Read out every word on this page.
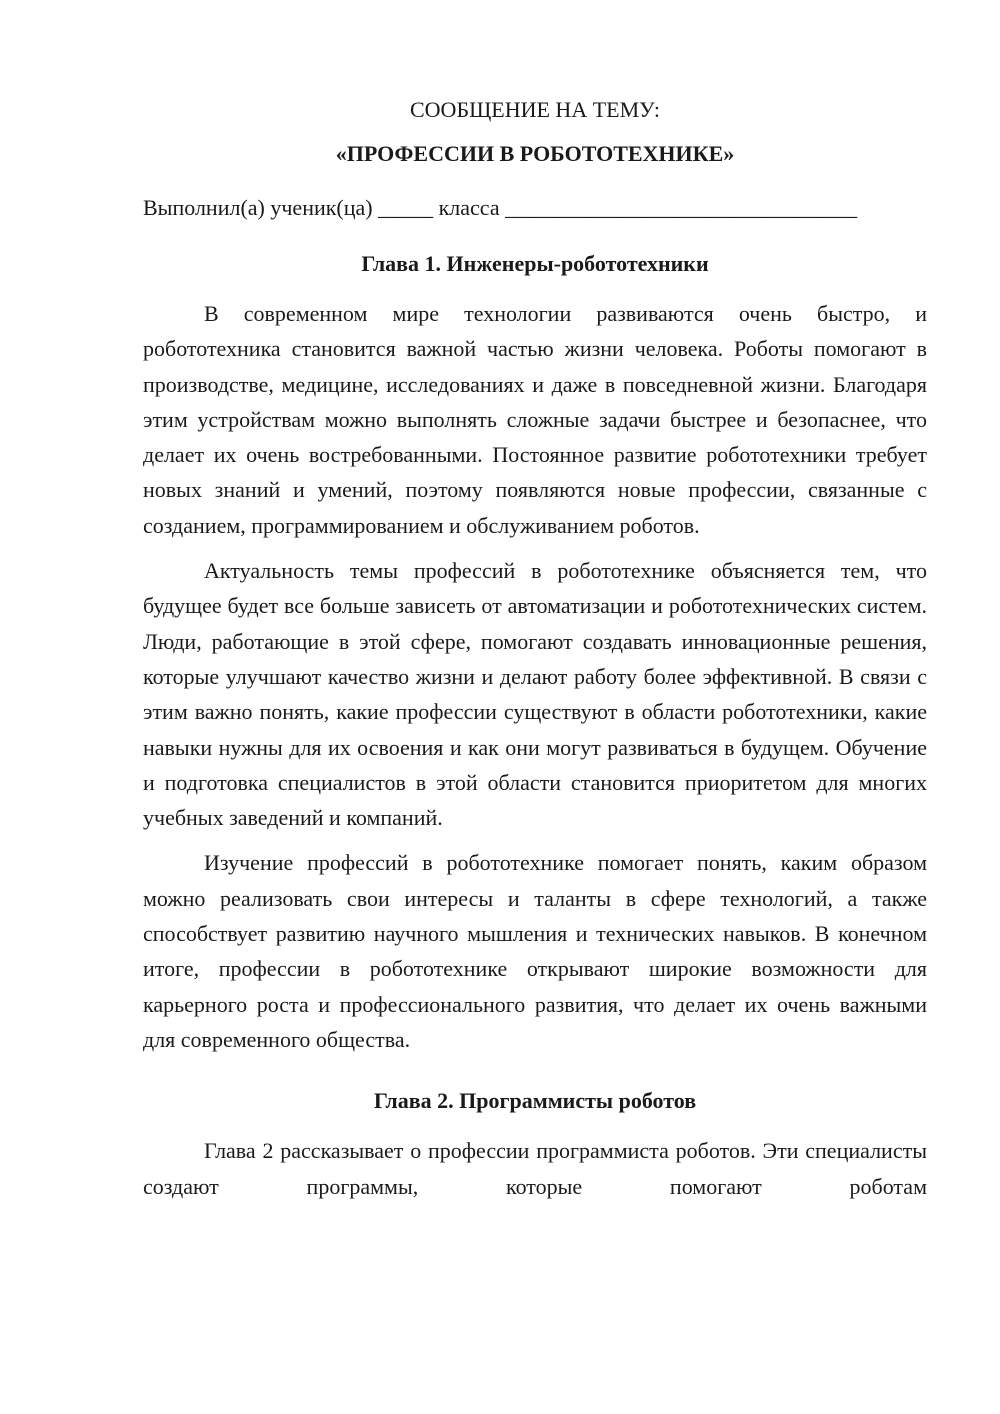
СООБЩЕНИЕ НА ТЕМУ:

«ПРОФЕССИИ В РОБОТОТЕХНИКЕ»

Выполнил(а) ученик(ца) _____ класса ________________________________

Глава 1. Инженеры-робототехники

В современном мире технологии развиваются очень быстро, и робототехника становится важной частью жизни человека. Роботы помогают в производстве, медицине, исследованиях и даже в повседневной жизни. Благодаря этим устройствам можно выполнять сложные задачи быстрее и безопаснее, что делает их очень востребованными. Постоянное развитие робототехники требует новых знаний и умений, поэтому появляются новые профессии, связанные с созданием, программированием и обслуживанием роботов.

Актуальность темы профессий в робототехнике объясняется тем, что будущее будет все больше зависеть от автоматизации и робототехнических систем. Люди, работающие в этой сфере, помогают создавать инновационные решения, которые улучшают качество жизни и делают работу более эффективной. В связи с этим важно понять, какие профессии существуют в области робототехники, какие навыки нужны для их освоения и как они могут развиваться в будущем. Обучение и подготовка специалистов в этой области становится приоритетом для многих учебных заведений и компаний.

Изучение профессий в робототехнике помогает понять, каким образом можно реализовать свои интересы и таланты в сфере технологий, а также способствует развитию научного мышления и технических навыков. В конечном итоге, профессии в робототехнике открывают широкие возможности для карьерного роста и профессионального развития, что делает их очень важными для современного общества.

Глава 2. Программисты роботов

Глава 2 рассказывает о профессии программиста роботов. Эти специалисты создают программы, которые помогают роботам
